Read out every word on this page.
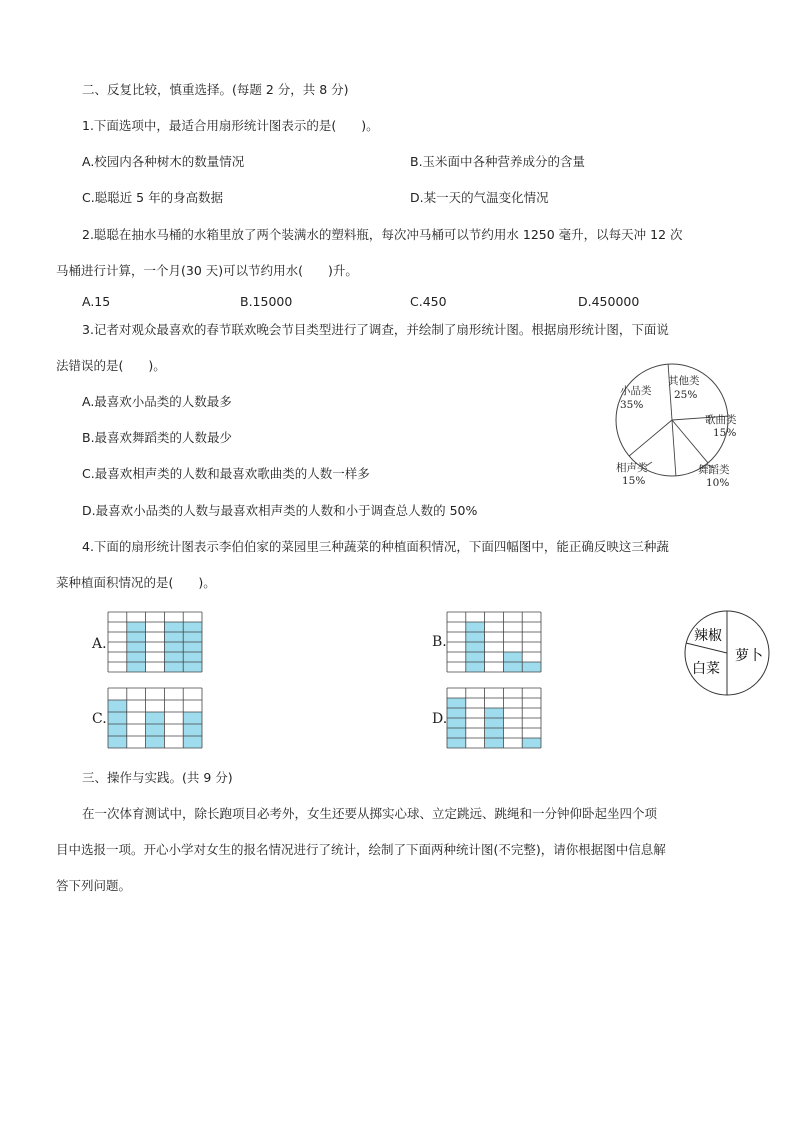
二、反复比较，慎重选择。(每题 2 分，共 8 分)
1.下面选项中，最适合用扇形统计图表示的是(　　)。
A.校园内各种树木的数量情况	B.玉米面中各种营养成分的含量
C.聪聪近 5 年的身高数据	D.某一天的气温变化情况
2.聪聪在抽水马桶的水箱里放了两个装满水的塑料瓶，每次冲马桶可以节约用水 1250 毫升，以每天冲 12 次
马桶进行计算，一个月(30 天)可以节约用水(　　)升。
A.15	B.15000	C.450	D.450000
3.记者对观众最喜欢的春节联欢晚会节目类型进行了调查，并绘制了扇形统计图。根据扇形统计图，下面说
法错误的是(　　)。
A.最喜欢小品类的人数最多
B.最喜欢舞蹈类的人数最少
C.最喜欢相声类的人数和最喜欢歌曲类的人数一样多
D.最喜欢小品类的人数与最喜欢相声类的人数和小于调查总人数的 50%
小品类
35%
其他类
25%
歌曲类
15%
舞蹈类
10%
相声类
15%
4.下面的扇形统计图表示李伯伯家的菜园里三种蔬菜的种植面积情况，下面四幅图中，能正确反映这三种蔬
菜种植面积情况的是(　　)。
A.	B.
C.	D.
辣椒
萝卜
白菜
三、操作与实践。(共 9 分)
在一次体育测试中，除长跑项目必考外，女生还要从掷实心球、立定跳远、跳绳和一分钟仰卧起坐四个项
目中选报一项。开心小学对女生的报名情况进行了统计，绘制了下面两种统计图(不完整)，请你根据图中信息解
答下列问题。
